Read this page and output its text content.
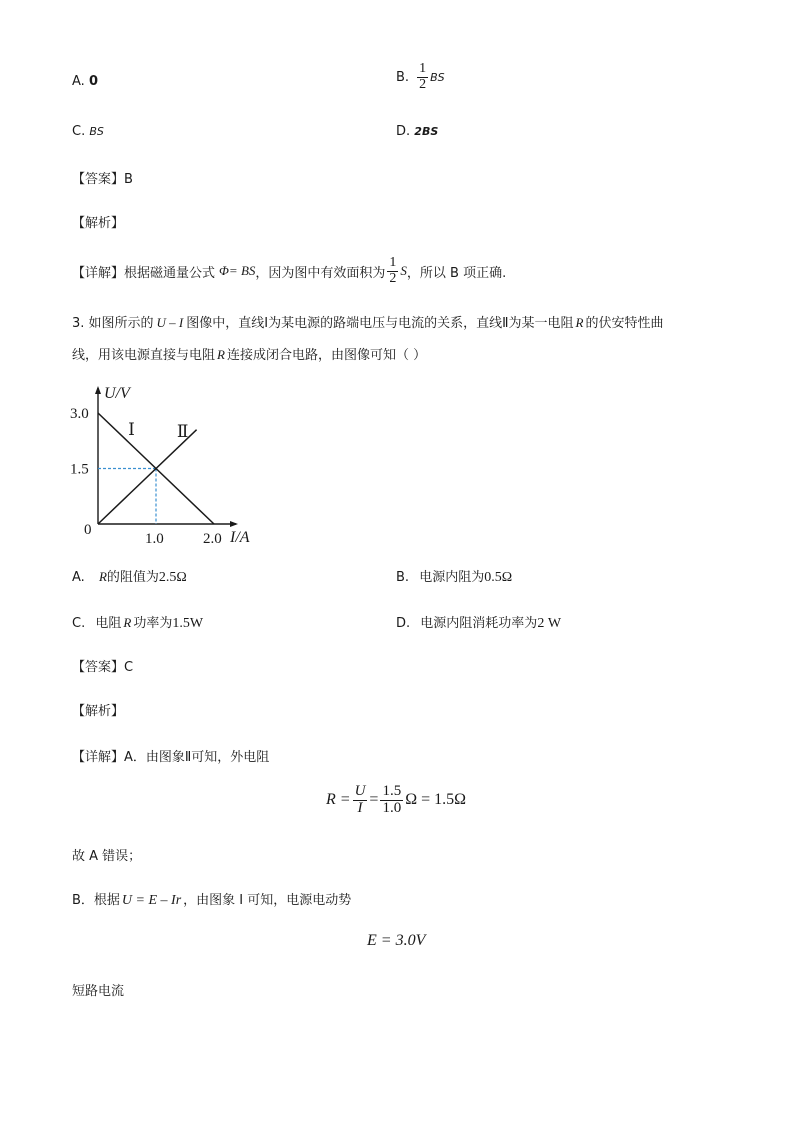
A. 0	B. $\frac{1}{2}$ BS
C. BS	D. 2BS
【答案】B
【解析】
【详解】 根据磁通量公式 Φ= BS ，因为图中有效面积为 $\frac{1}{2}$ S ，所以 B 项正确.
3. 如图所示的 U – I 图像中，直线Ⅰ为某电源的路端电压与电流的关系，直线Ⅱ为某一电阻 R 的伏安特性曲
线，用该电源直接与电阻 R 连接成闭合电路，由图像可知（ ）
U/V
I/A
0
1.5
3.0
1.0	2.0
Ⅰ Ⅱ
A. R的阻值为2.5Ω	B. 电源内阻为0.5Ω
C. 电阻 R 功率为1.5W	D. 电源内阻消耗功率为2 W
【答案】C
【解析】
【详解】A．由图象Ⅱ可知，外电阻
$R = \frac{U}{I} = \frac{1.5}{1.0}$ Ω = 1.5Ω
故 A 错误；
B．根据 U = E – Ir ，由图象 I 可知，电源电动势
E = 3.0V
短路电流
